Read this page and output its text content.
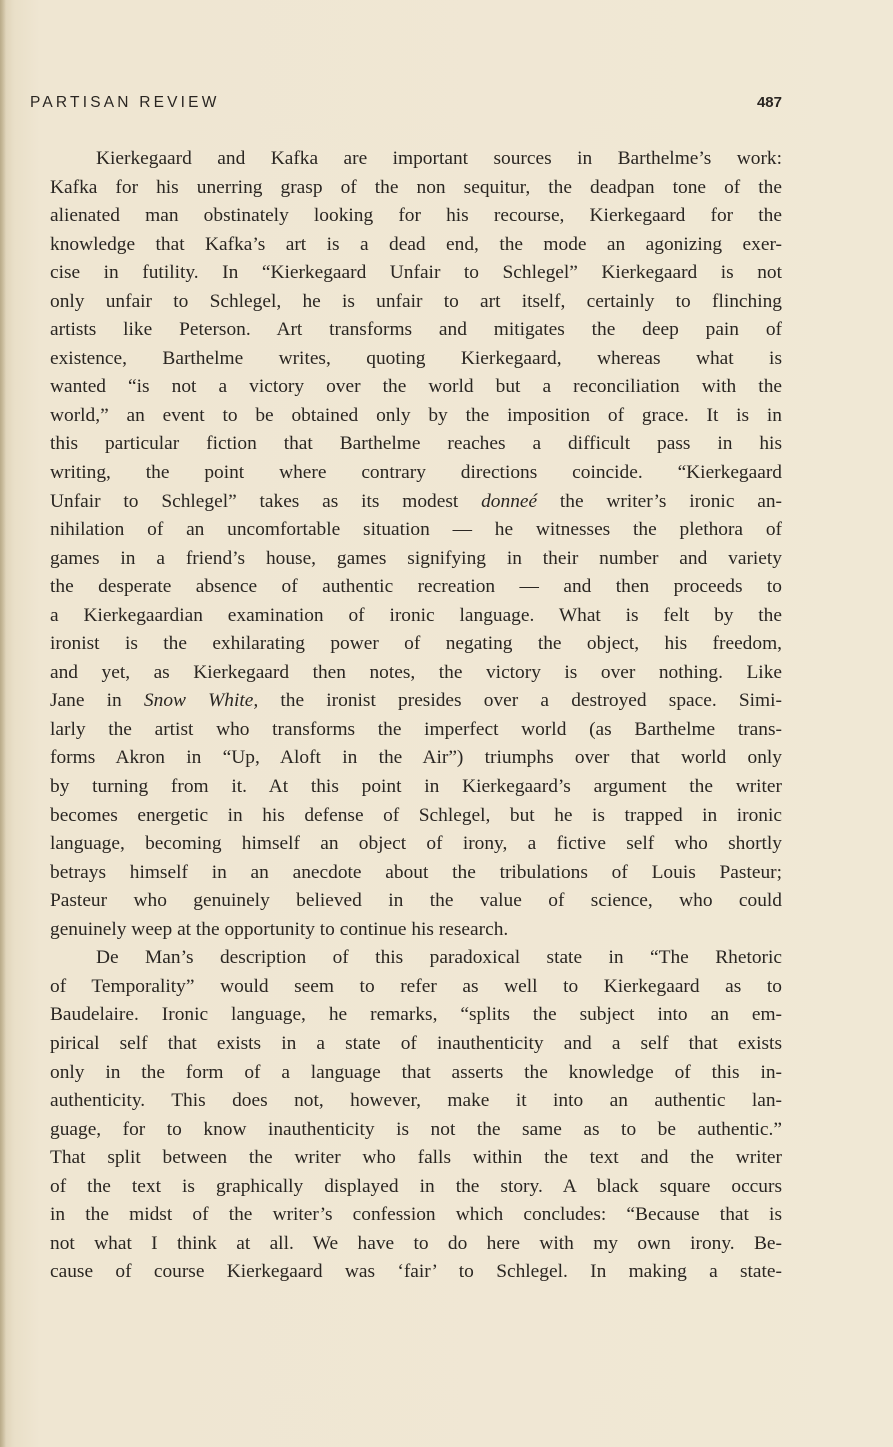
PARTISAN REVIEW	487
Kierkegaard and Kafka are important sources in Barthelme’s work:
Kafka for his unerring grasp of the non sequitur, the deadpan tone of the
alienated man obstinately looking for his recourse, Kierkegaard for the
knowledge that Kafka’s art is a dead end, the mode an agonizing exer-
cise in futility. In “Kierkegaard Unfair to Schlegel” Kierkegaard is not
only unfair to Schlegel, he is unfair to art itself, certainly to flinching
artists like Peterson. Art transforms and mitigates the deep pain of
existence, Barthelme writes, quoting Kierkegaard, whereas what is
wanted “is not a victory over the world but a reconciliation with the
world,” an event to be obtained only by the imposition of grace. It is in
this particular fiction that Barthelme reaches a difficult pass in his
writing, the point where contrary directions coincide. “Kierkegaard
Unfair to Schlegel” takes as its modest donneé the writer’s ironic an-
nihilation of an uncomfortable situation — he witnesses the plethora of
games in a friend’s house, games signifying in their number and variety
the desperate absence of authentic recreation — and then proceeds to
a Kierkegaardian examination of ironic language. What is felt by the
ironist is the exhilarating power of negating the object, his freedom,
and yet, as Kierkegaard then notes, the victory is over nothing. Like
Jane in Snow White, the ironist presides over a destroyed space. Simi-
larly the artist who transforms the imperfect world (as Barthelme trans-
forms Akron in “Up, Aloft in the Air”) triumphs over that world only
by turning from it. At this point in Kierkegaard’s argument the writer
becomes energetic in his defense of Schlegel, but he is trapped in ironic
language, becoming himself an object of irony, a fictive self who shortly
betrays himself in an anecdote about the tribulations of Louis Pasteur;
Pasteur who genuinely believed in the value of science, who could
genuinely weep at the opportunity to continue his research.
De Man’s description of this paradoxical state in “The Rhetoric
of Temporality” would seem to refer as well to Kierkegaard as to
Baudelaire. Ironic language, he remarks, “splits the subject into an em-
pirical self that exists in a state of inauthenticity and a self that exists
only in the form of a language that asserts the knowledge of this in-
authenticity. This does not, however, make it into an authentic lan-
guage, for to know inauthenticity is not the same as to be authentic.”
That split between the writer who falls within the text and the writer
of the text is graphically displayed in the story. A black square occurs
in the midst of the writer’s confession which concludes: “Because that is
not what I think at all. We have to do here with my own irony. Be-
cause of course Kierkegaard was ‘fair’ to Schlegel. In making a state-
